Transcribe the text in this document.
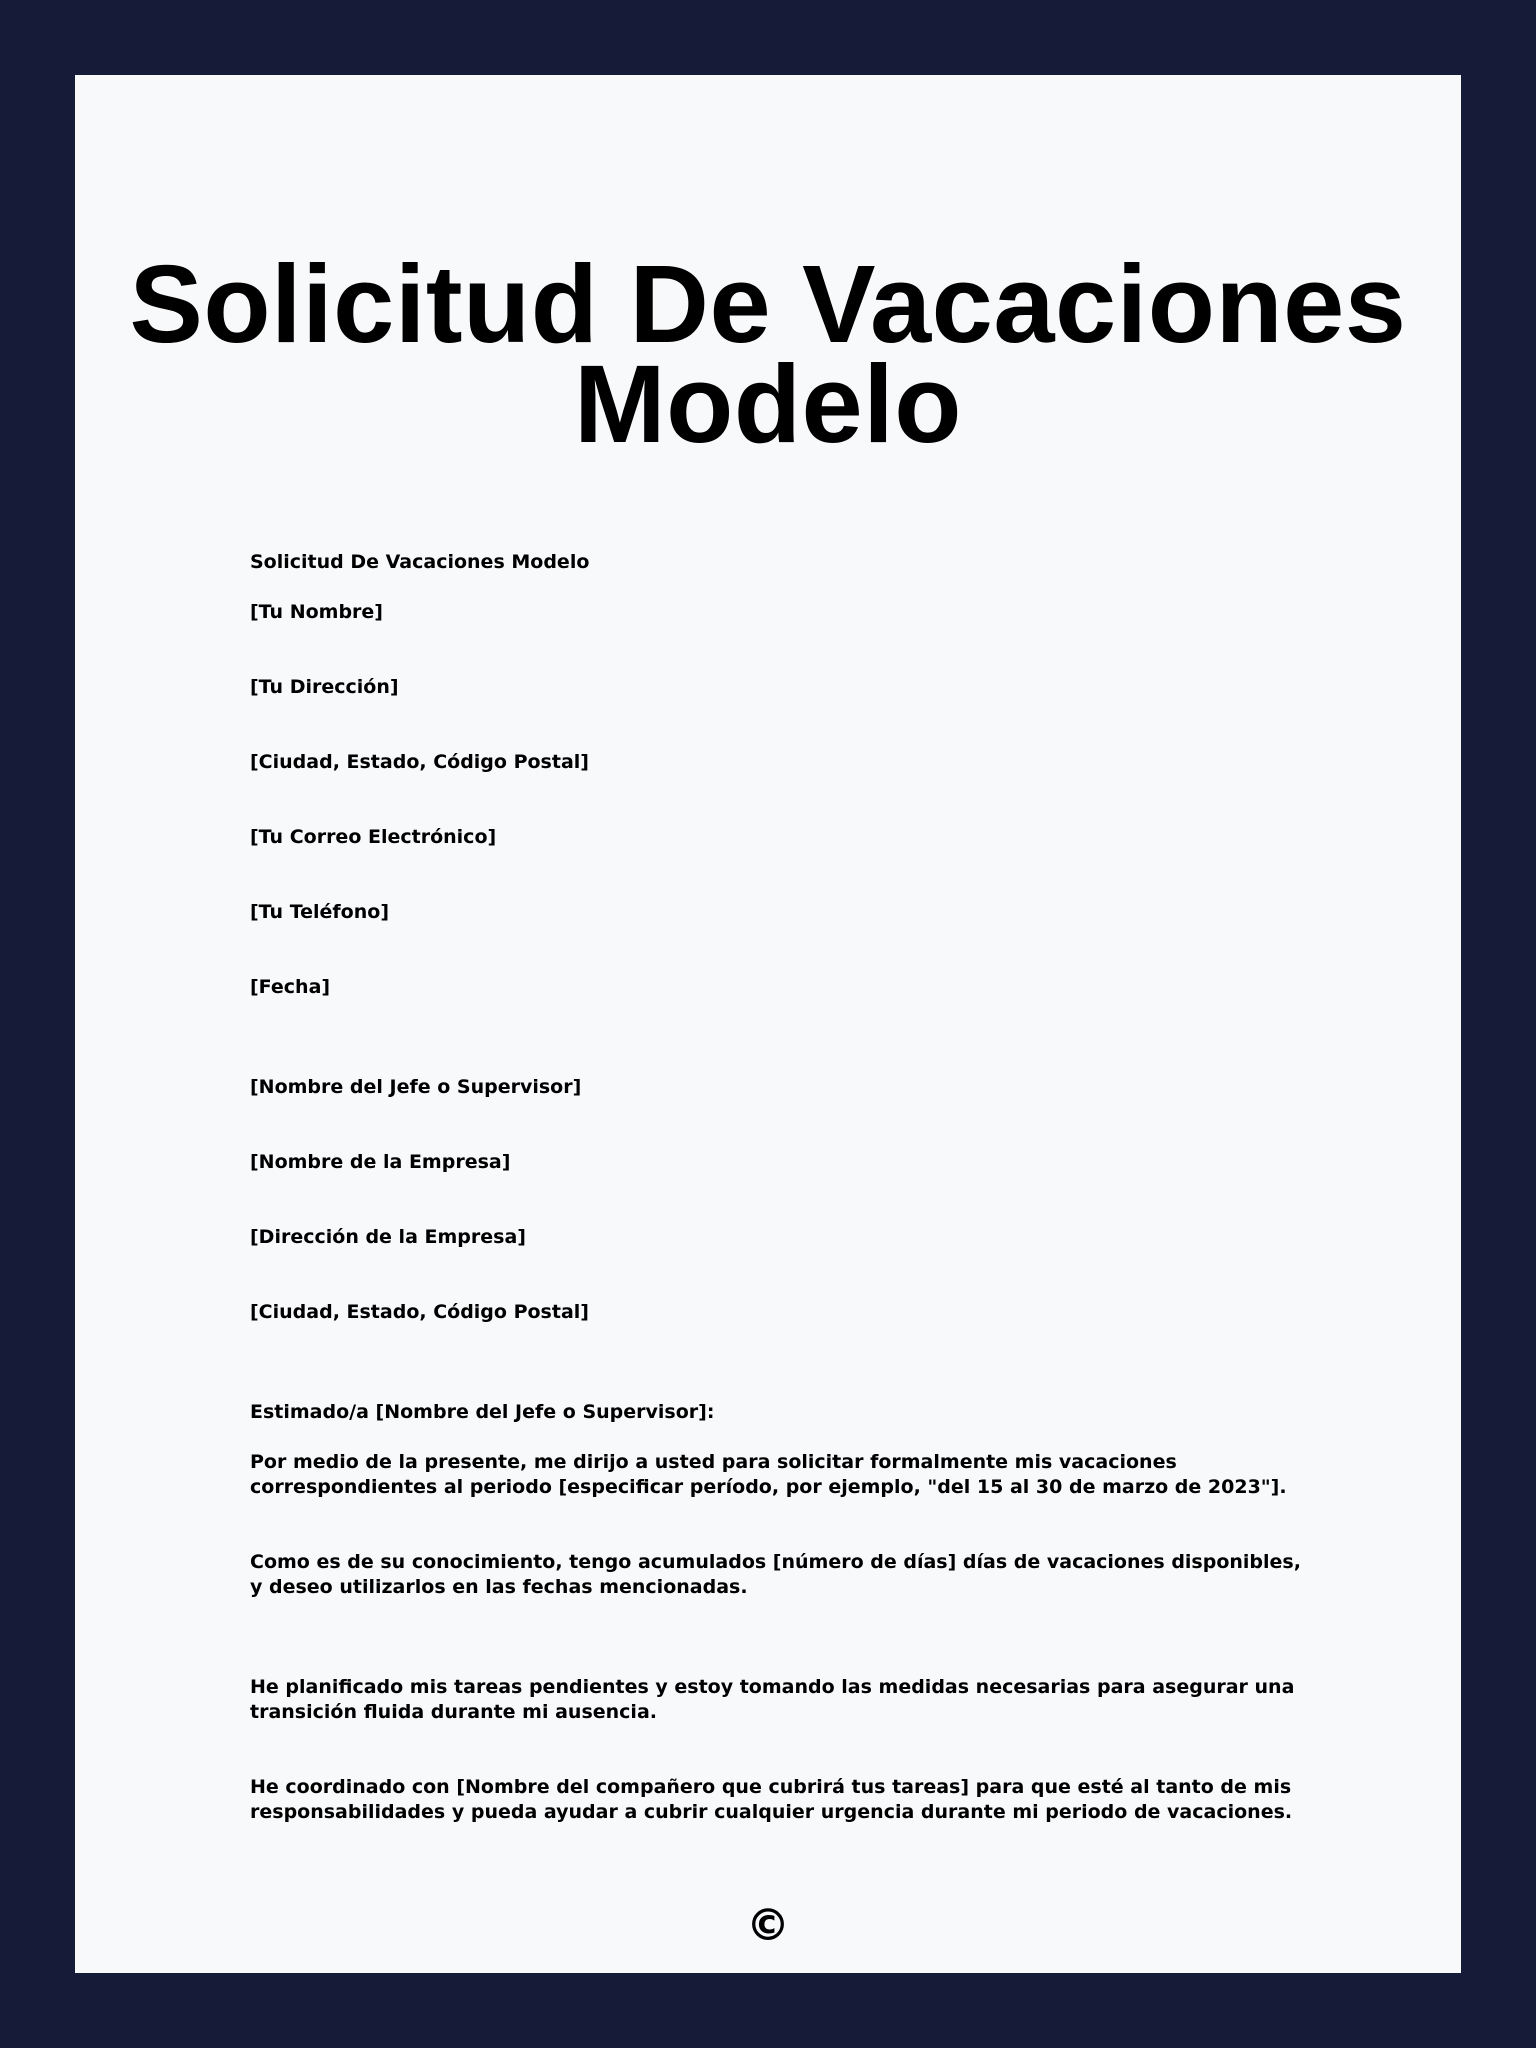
Solicitud De Vacaciones Modelo

Solicitud De Vacaciones Modelo

[Tu Nombre]

[Tu Dirección]

[Ciudad, Estado, Código Postal]

[Tu Correo Electrónico]

[Tu Teléfono]

[Fecha]

[Nombre del Jefe o Supervisor]

[Nombre de la Empresa]

[Dirección de la Empresa]

[Ciudad, Estado, Código Postal]

Estimado/a [Nombre del Jefe o Supervisor]:

Por medio de la presente, me dirijo a usted para solicitar formalmente mis vacaciones correspondientes al periodo [especificar período, por ejemplo, "del 15 al 30 de marzo de 2023"].

Como es de su conocimiento, tengo acumulados [número de días] días de vacaciones disponibles, y deseo utilizarlos en las fechas mencionadas.

He planificado mis tareas pendientes y estoy tomando las medidas necesarias para asegurar una transición fluida durante mi ausencia.

He coordinado con [Nombre del compañero que cubrirá tus tareas] para que esté al tanto de mis responsabilidades y pueda ayudar a cubrir cualquier urgencia durante mi periodo de vacaciones.

©
